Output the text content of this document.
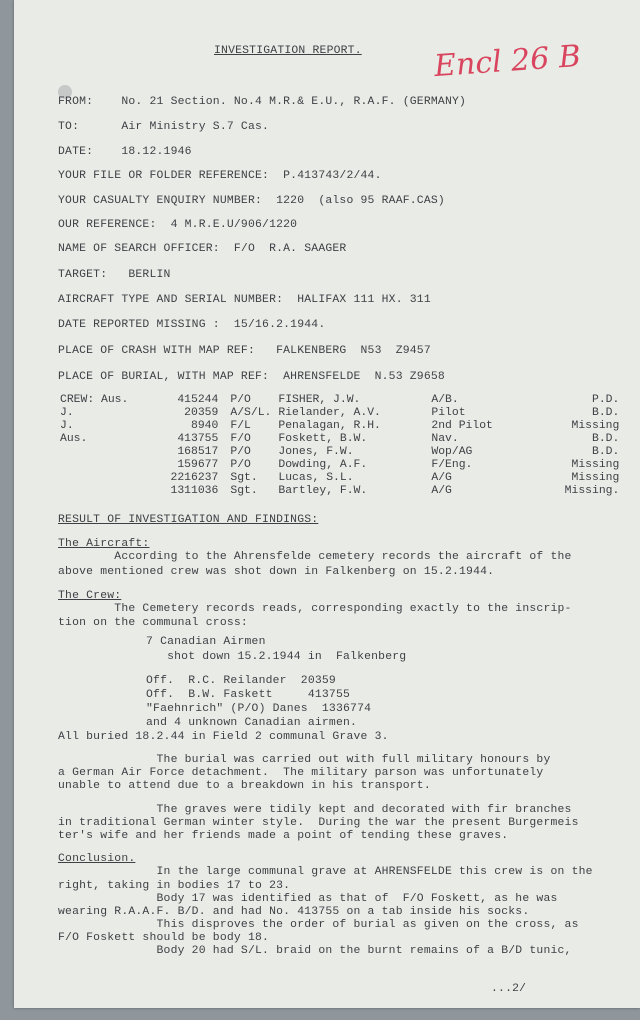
INVESTIGATION REPORT. Encl 26 B
FROM:    No. 21 Section. No.4 M.R.& E.U., R.A.F. (GERMANY)
TO:      Air Ministry S.7 Cas.
DATE:    18.12.1946
YOUR FILE OR FOLDER REFERENCE:  P.413743/2/44.
YOUR CASUALTY ENQUIRY NUMBER:  1220  (also 95 RAAF.CAS)
OUR REFERENCE:  4 M.R.E.U/906/1220
NAME OF SEARCH OFFICER:  F/O  R.A. SAAGER
TARGET:   BERLIN
AIRCRAFT TYPE AND SERIAL NUMBER:  HALIFAX 111 HX. 311
DATE REPORTED MISSING :  15/16.2.1944.
PLACE OF CRASH WITH MAP REF:   FALKENBERG  N53  Z9457
PLACE OF BURIAL, WITH MAP REF:  AHRENSFELDE  N.53 Z9658
CREW: Aus.	415244	P/O	FISHER, J.W.	A/B.	P.D.
J.	20359	A/S/L.	Rielander, A.V.	Pilot	B.D.
J.	8940	F/L	Penalagan, R.H.	2nd Pilot	Missing
Aus.	413755	F/O	Foskett, B.W.	Nav.	B.D.
	168517	P/O	Jones, F.W.	Wop/AG	B.D.
	159677	P/O	Dowding, A.F.	F/Eng.	Missing
	2216237	Sgt.	Lucas, S.L.	A/G	Missing
	1311036	Sgt.	Bartley, F.W.	A/G	Missing.
RESULT OF INVESTIGATION AND FINDINGS:
The Aircraft:
According to the Ahrensfelde cemetery records the aircraft of the
above mentioned crew was shot down in Falkenberg on 15.2.1944.
The Crew:
The Cemetery records reads, corresponding exactly to the inscrip-
tion on the communal cross:
7 Canadian Airmen
shot down 15.2.1944 in  Falkenberg
Off.  R.C. Reilander  20359
Off.  B.W. Faskett     413755
"Faehnrich" (P/O) Danes  1336774
and 4 unknown Canadian airmen.
All buried 18.2.44 in Field 2 communal Grave 3.
The burial was carried out with full military honours by
a German Air Force detachment.  The military parson was unfortunately
unable to attend due to a breakdown in his transport.
The graves were tidily kept and decorated with fir branches
in traditional German winter style.  During the war the present Burgermeis
ter's wife and her friends made a point of tending these graves.
Conclusion.
In the large communal grave at AHRENSFELDE this crew is on the
right, taking in bodies 17 to 23.
Body 17 was identified as that of  F/O Foskett, as he was
wearing R.A.A.F. B/D. and had No. 413755 on a tab inside his socks.
This disproves the order of burial as given on the cross, as
F/O Foskett should be body 18.
Body 20 had S/L. braid on the burnt remains of a B/D tunic,
...2/
